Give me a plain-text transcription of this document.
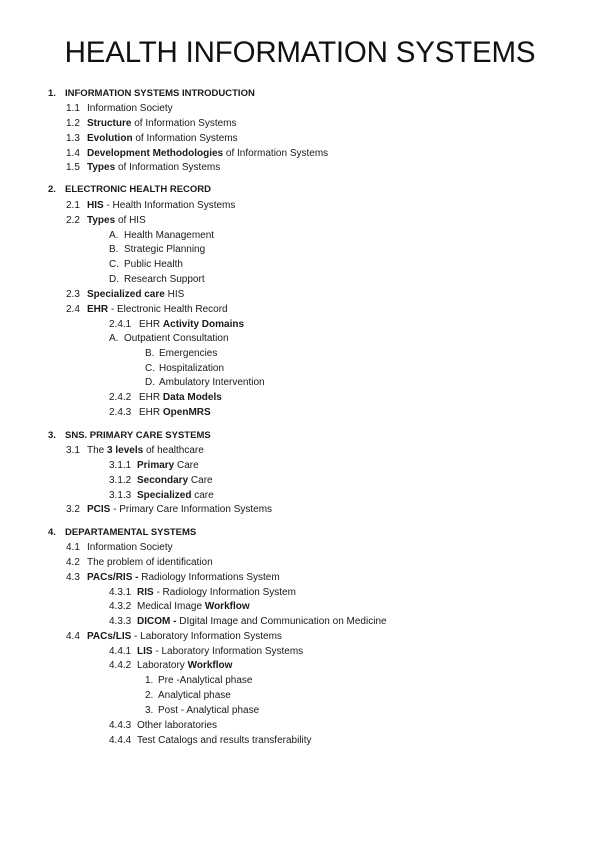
HEALTH INFORMATION SYSTEMS
1. INFORMATION SYSTEMS INTRODUCTION
1.1 Information Society
1.2 Structure of Information Systems
1.3 Evolution of Information Systems
1.4 Development Methodologies of Information Systems
1.5 Types of Information Systems
2. ELECTRONIC HEALTH RECORD
2.1 HIS - Health Information Systems
2.2 Types of HIS
A. Health Management
B. Strategic Planning
C. Public Health
D. Research Support
2.3 Specialized care HIS
2.4 EHR - Electronic Health Record
2.4.1 EHR Activity Domains
A. Outpatient Consultation
B. Emergencies
C. Hospitalization
D. Ambulatory Intervention
2.4.2 EHR Data Models
2.4.3 EHR OpenMRS
3. SNS. PRIMARY CARE SYSTEMS
3.1 The 3 levels of healthcare
3.1.1 Primary Care
3.1.2 Secondary Care
3.1.3 Specialized care
3.2 PCIS - Primary Care Information Systems
4. DEPARTAMENTAL SYSTEMS
4.1 Information Society
4.2 The problem of identification
4.3 PACs/RIS - Radiology Informations System
4.3.1 RIS - Radiology Information System
4.3.2 Medical Image Workflow
4.3.3 DICOM - DIgital Image and Communication on Medicine
4.4 PACs/LIS - Laboratory Information Systems
4.4.1 LIS - Laboratory Information Systems
4.4.2 Laboratory Workflow
1. Pre -Analytical phase
2. Analytical phase
3. Post - Analytical phase
4.4.3 Other laboratories
4.4.4 Test Catalogs and results transferability
